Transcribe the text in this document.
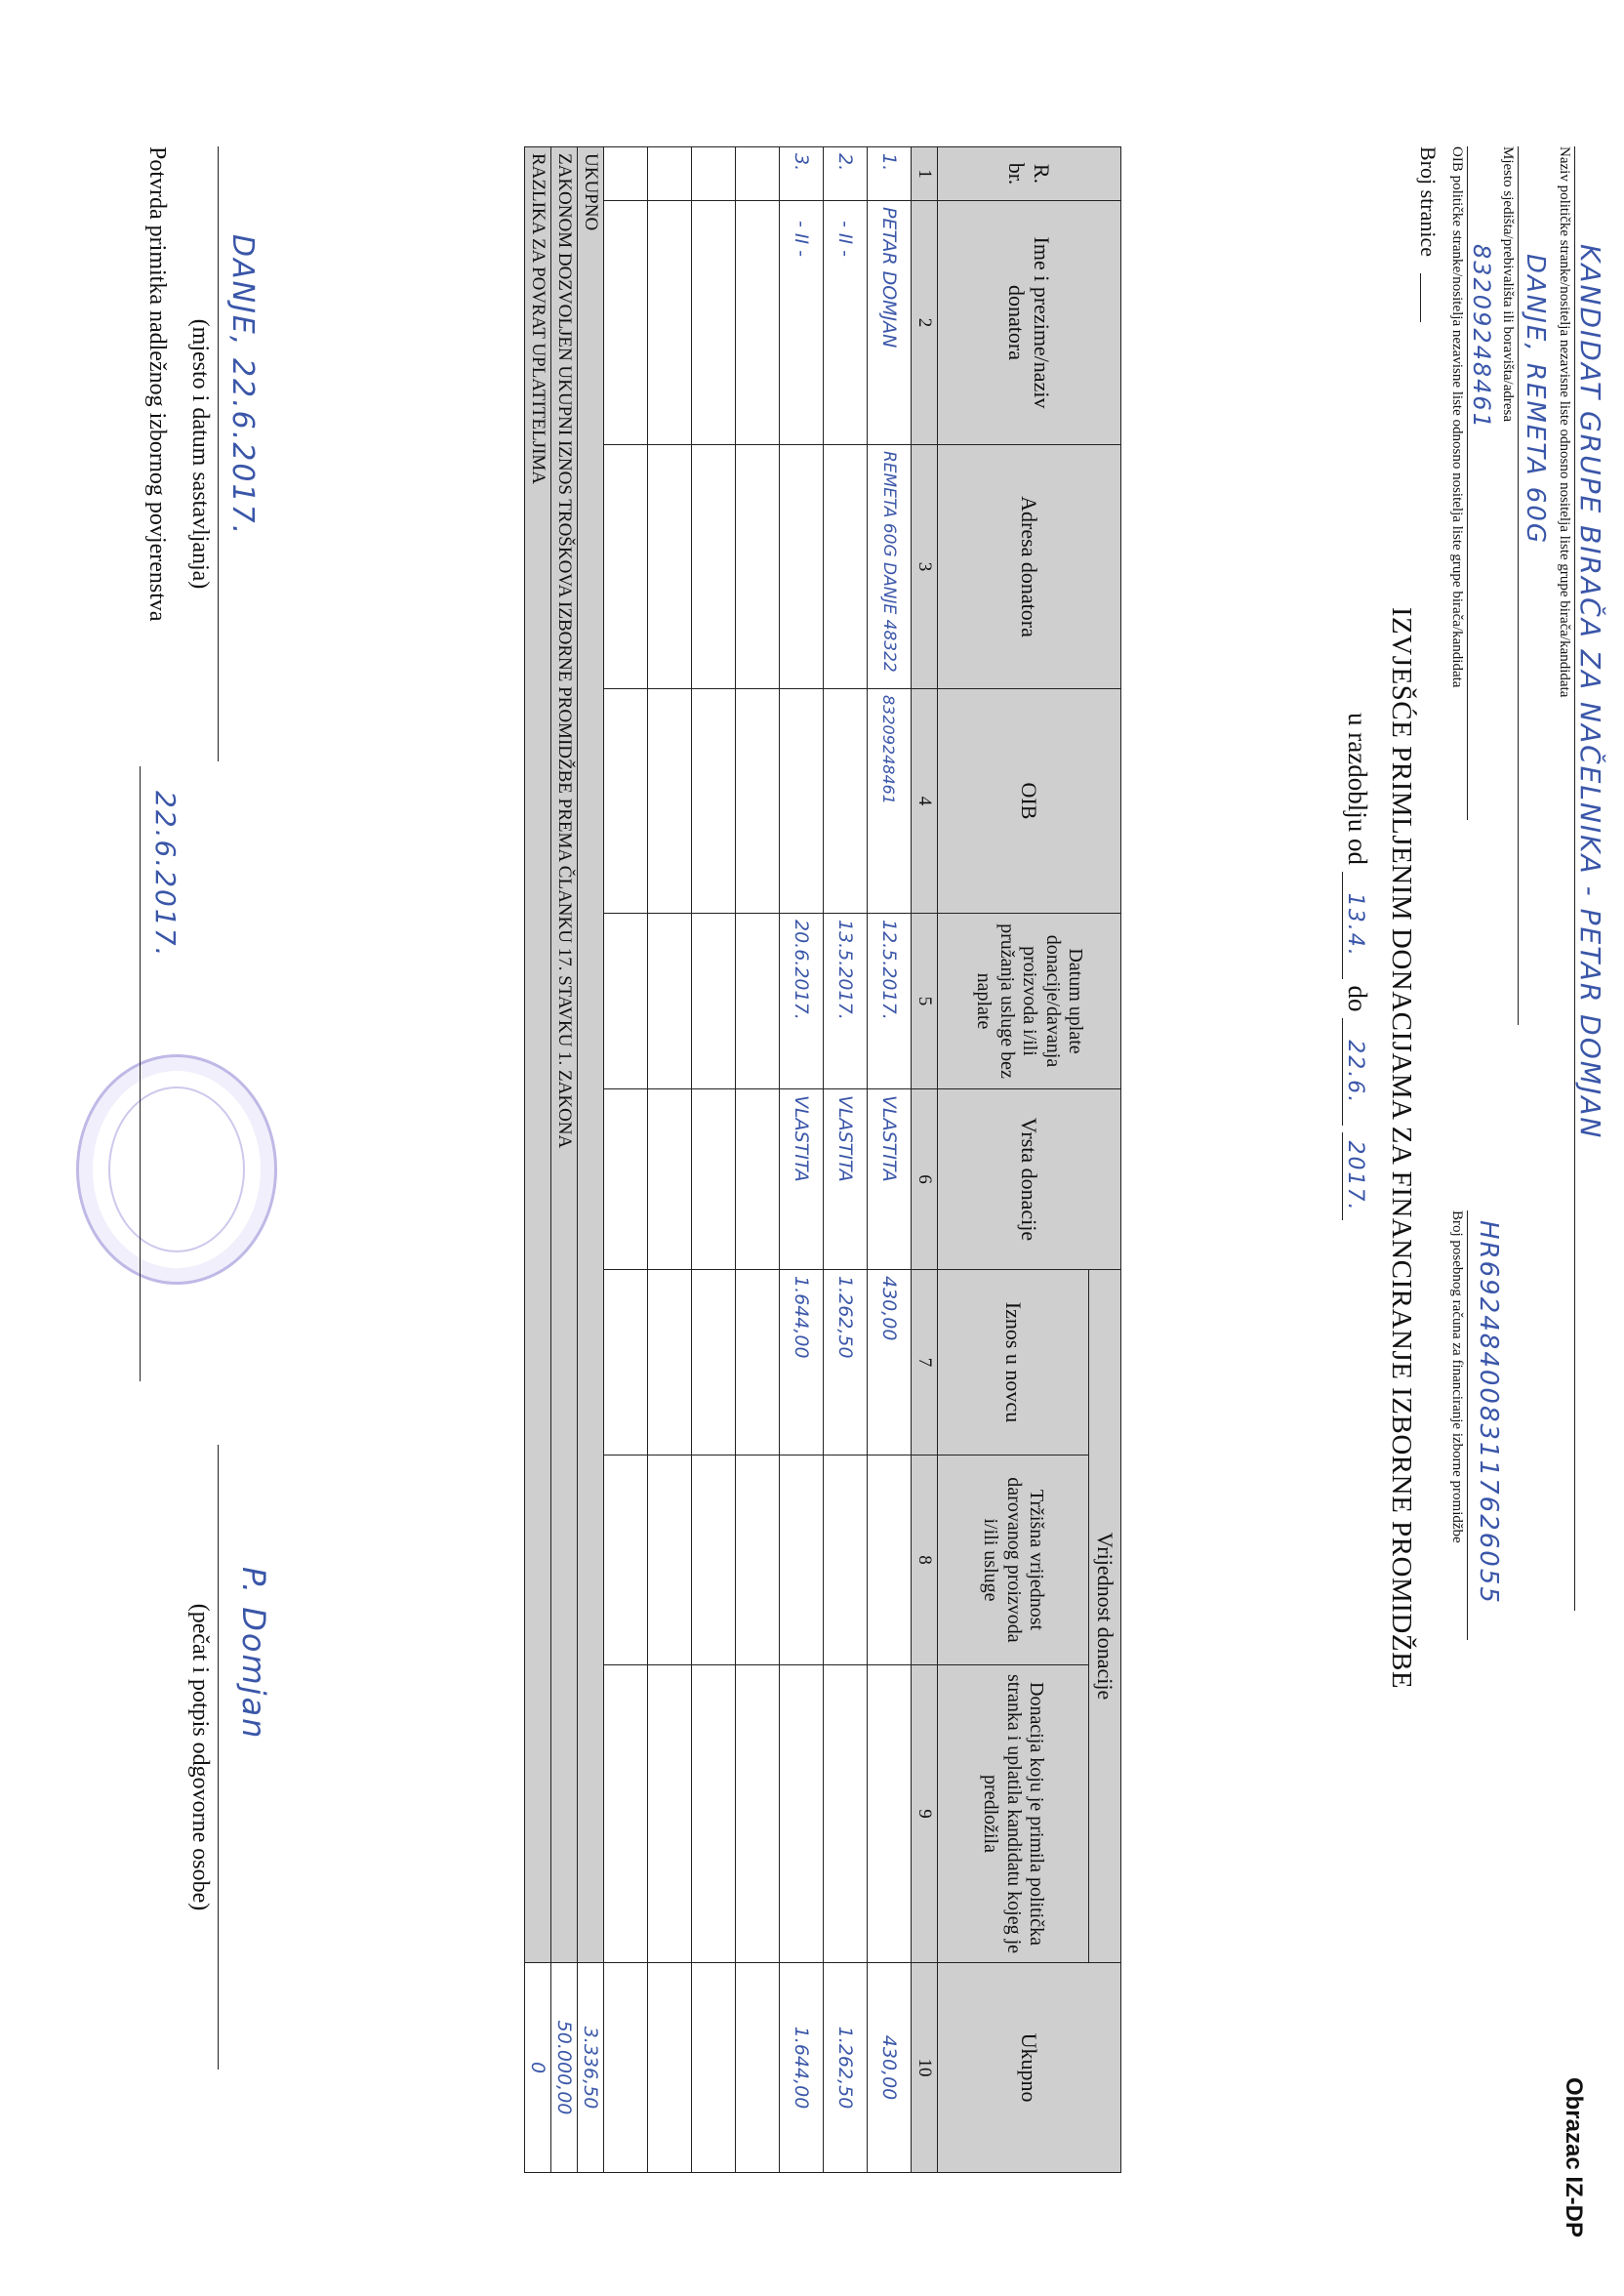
Obrazac IZ-DP
KANDIDAT GRUPE BIRAČA ZA NAČELNIKA - PETAR DOMJAN
Naziv političke stranke/nositelja nezavisne liste odnosno nositelja liste grupe birača/kandidata
DANJE, REMETA 60G
Mjesto sjedišta/prebivališta ili boravišta/adresa
83209248461
OIB političke stranke/nositelja nezavisne liste odnosno nositelja liste grupe birača/kandidata
HR6924840083117626055
Broj posebnog računa za financiranje izborne promidžbe
Broj stranice
IZVJEŠĆE PRIMLJENIM DONACIJAMA ZA FINANCIRANJE IZBORNE PROMIDŽBE
u razdoblju od 13.4. do 22.6. 2017.
R. br.	Ime i prezime/naziv donatora	Adresa donatora	OIB	Datum uplate donacije/davanja proizvoda i/ili pružanja usluge bez naplate	Vrsta donacije	Vrijednost donacije			Ukupno
						Iznos u novcu	Tržišna vrijednost darovanog proizvoda i/ili usluge	Donacija koju je primila politička stranka i uplatila kandidatu kojeg je predložila	
1	2	3	4	5	6	7	8	9	10
1.	PETAR DOMJAN	REMETA 60G DANJE 48322	83209248461	12.5.2017.	VLASTITA	430,00			430,00
2.	- II -			13.5.2017.	VLASTITA	1.262,50			1.262,50
3.	- II -			20.6.2017.	VLASTITA	1.644,00			1.644,00

UKUPNO									3.336,50
ZAKONOM DOZVOLJEN UKUPNI IZNOS TROŠKOVA IZBORNE PROMIDŽBE PREMA ČLANKU 17. STAVKU 1. ZAKONA									50.000,00
RAZLIKA ZA POVRAT UPLATITELJIMA									0
DANJE, 22.6.2017.
(mjesto i datum sastavljanja)
P. Domjan
(pečat i potpis odgovorne osobe)
Potvrda primitka nadležnog izbornog povjerenstva
22.6.2017.
